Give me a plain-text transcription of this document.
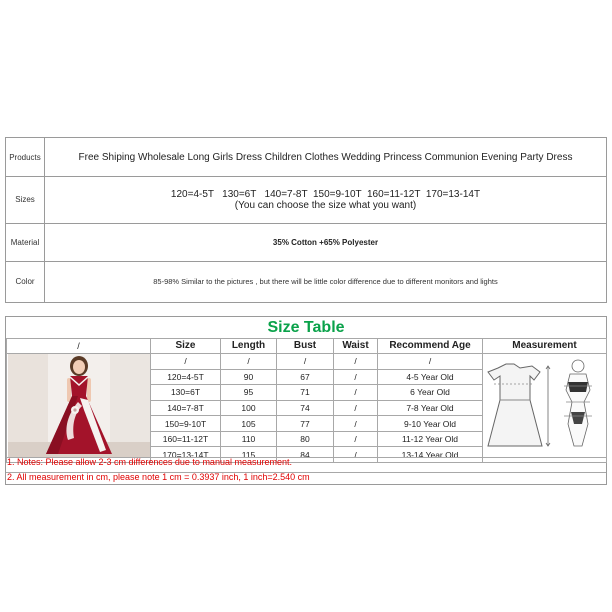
Products	Free Shiping Wholesale Long Girls Dress Children Clothes Wedding Princess Communion Evening Party Dress
Sizes	120=4-5T   130=6T   140=7-8T  150=9-10T  160=11-12T  170=13-14T
(You can choose the size what you want)

Material	35% Cotton +65% Polyester
Color	85-98% Similar to the pictures , but there will be little color difference due to different monitors and lights
Size Table
/	Size	Length	Bust	Waist	Recommend Age	Measurement
	/	/	/	/	/	
	120=4-5T	90	67	/	4-5 Year Old	
	130=6T	95	71	/	6 Year Old	
	140=7-8T	100	74	/	7-8 Year Old	
	150=9-10T	105	77	/	9-10 Year Old	
	160=11-12T	110	80	/	11-12 Year Old	
	170=13-14T	115	84	/	13-14 Year Old	
1. Notes: Please allow 2-3 cm differences due to manual measurement.
2. All measurement in cm, please note 1 cm = 0.3937 inch, 1 inch=2.540 cm
